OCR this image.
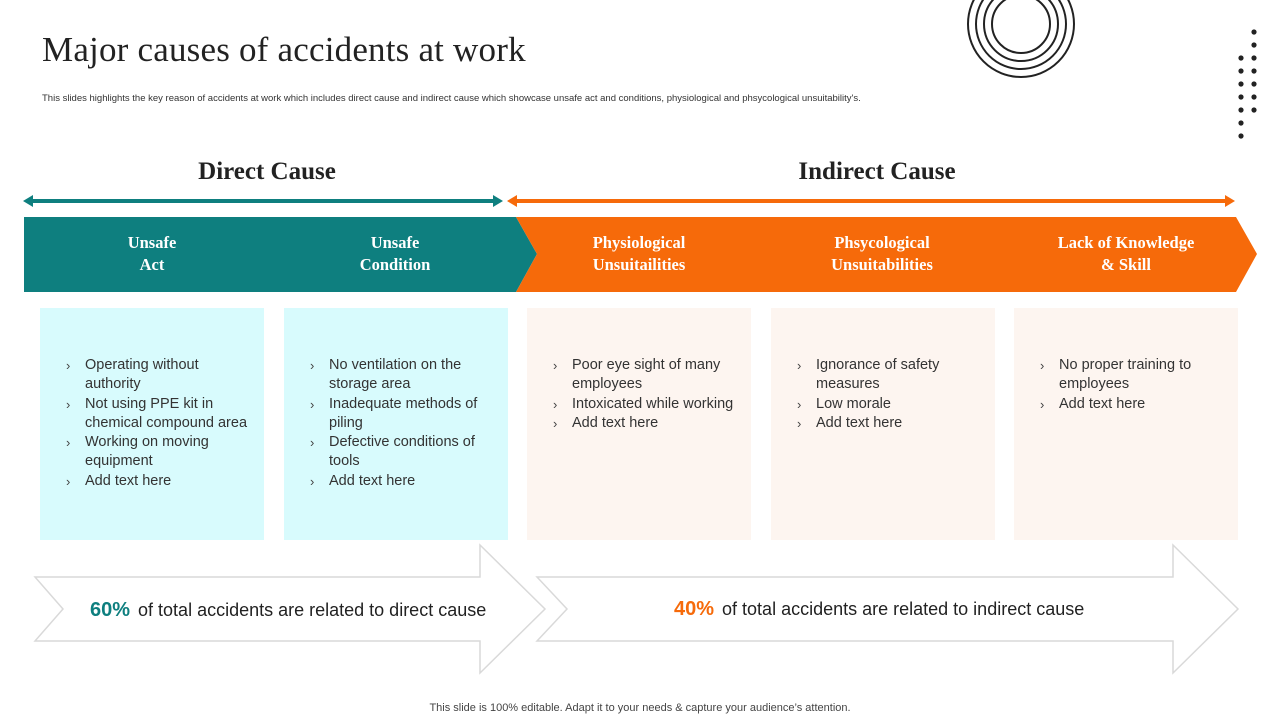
Major causes of accidents at work
This slides highlights the key reason of accidents at work which includes direct cause and indirect cause which showcase unsafe act and conditions, physiological and phsycological unsuitability's.
Direct Cause	Indirect Cause
Unsafe
Act
Unsafe
Condition
Physiological
Unsuitailities
Phsycological
Unsuitabilities
Lack of Knowledge
& Skill
› Operating without authority
› Not using PPE kit in chemical compound area
› Working on moving equipment
› Add text here
› No ventilation on the storage area
› Inadequate methods of piling
› Defective conditions of tools
› Add text here
› Poor eye sight of many employees
› Intoxicated while working
› Add text here
› Ignorance of safety measures
› Low morale
› Add text here
› No proper training to employees
› Add text here
60% of total accidents are related to direct cause	40% of total accidents are related to indirect cause
This slide is 100% editable. Adapt it to your needs & capture your audience’s attention.
